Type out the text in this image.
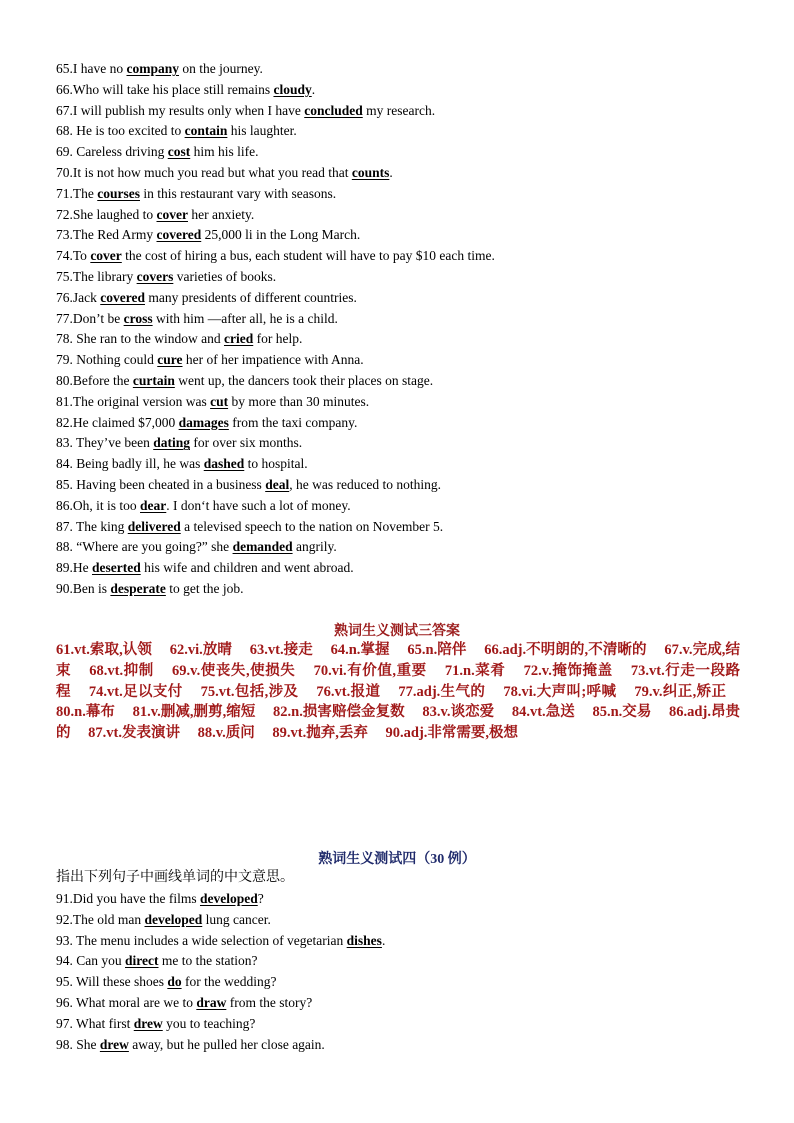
65.I have no company on the journey.
66.Who will take his place still remains cloudy.
67.I will publish my results only when I have concluded my research.
68. He is too excited to contain his laughter.
69. Careless driving cost him his life.
70.It is not how much you read but what you read that counts.
71.The courses in this restaurant vary with seasons.
72.She laughed to cover her anxiety.
73.The Red Army covered 25,000 li in the Long March.
74.To cover the cost of hiring a bus, each student will have to pay $10 each time.
75.The library covers varieties of books.
76.Jack covered many presidents of different countries.
77.Don’t be cross with him —after all, he is a child.
78. She ran to the window and cried for help.
79. Nothing could cure her of her impatience with Anna.
80.Before the curtain went up, the dancers took their places on stage.
81.The original version was cut by more than 30 minutes.
82.He claimed $7,000 damages from the taxi company.
83. They’ve been dating for over six months.
84. Being badly ill, he was dashed to hospital.
85. Having been cheated in a business deal, he was reduced to nothing.
86.Oh, it is too dear. I don‘t have such a lot of money.
87. The king delivered a televised speech to the nation on November 5.
88. “Where are you going?” she demanded angrily.
89.He deserted his wife and children and went abroad.
90.Ben is desperate to get the job.
熟词生义测试三答案
61.vt.索取,认领 62.vi.放晴 63.vt.接走 64.n.掌握 65.n.陪伴 66.adj.不明朗的,不清晰的 67.v.完成,结束 68.vt.抑制 69.v.使丧失,使损失 70.vi.有价值,重要 71.n.菜肴 72.v.掩饰掩盖 73.vt.行走一段路程 74.vt.足以支付 75.vt.包括,涉及 76.vt.报道 77.adj.生气的 78.vi.大声叫;呼喊 79.v.纠正,矫正 80.n.幕布 81.v.删减,删剪,缩短 82.n.损害赔偿金复数 83.v.谈恋爱 84.vt.急送 85.n.交易 86.adj.昂贵的 87.vt.发表演讲 88.v.质问 89.vt.抛弃,丢弃 90.adj.非常需要,极想
熟词生义测试四（30 例）
指出下列句子中画线单词的中文意思。
91.Did you have the films developed?
92.The old man developed lung cancer.
93. The menu includes a wide selection of vegetarian dishes.
94. Can you direct me to the station?
95. Will these shoes do for the wedding?
96. What moral are we to draw from the story?
97. What first drew you to teaching?
98. She drew away, but he pulled her close again.
